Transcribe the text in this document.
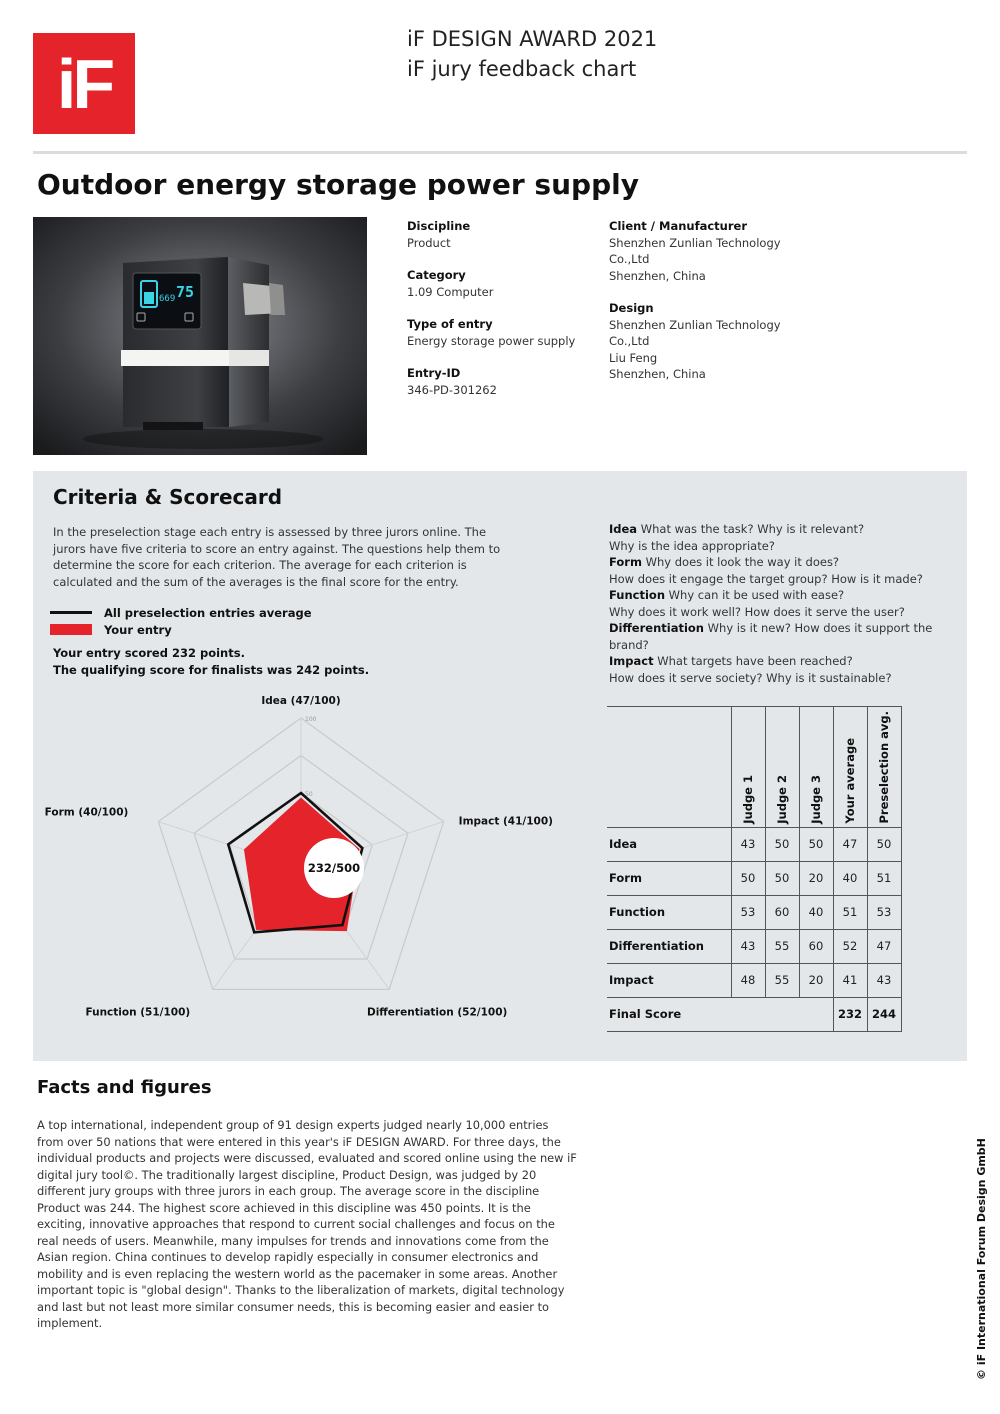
iF
iF DESIGN AWARD 2021
iF jury feedback chart
Outdoor energy storage power supply
669 75
Discipline
Product
Category
1.09 Computer
Type of entry
Energy storage power supply
Entry-ID
346-PD-301262
Client / Manufacturer
Shenzhen Zunlian Technology
Co.,Ltd
Shenzhen, China
Design
Shenzhen Zunlian Technology Co.,Ltd
Liu Feng
Shenzhen, China
Criteria & Scorecard
In the preselection stage each entry is assessed by three jurors online. The jurors have five criteria to score an entry against. The questions help them to determine the score for each criterion. The average for each criterion is calculated and the sum of the averages is the final score for the entry.
All preselection entries average
Your entry
Your entry scored 232 points.
The qualifying score for finalists was 242 points.
Idea What was the task? Why is it relevant?
Why is the idea appropriate?
Form Why does it look the way it does?
How does it engage the target group? How is it made?
Function Why can it be used with ease?
Why does it work well? How does it serve the user?
Differentiation Why is it new? How does it support the brand?
Impact What targets have been reached?
How does it serve society? Why is it sustainable?
100
50
232/500
Idea (47/100)
Impact (41/100)
Differentiation (52/100)
Function (51/100)
Form (40/100)
		Judge 1	Judge 2	Judge 3	Your average	Preselection avg.
Idea	43	50	50	47	50
Form	50	50	20	40	51
Function	53	60	40	51	53
Differentiation	43	55	60	52	47
Impact	48	55	20	41	43
Final Score				232	244
Facts and figures
A top international, independent group of 91 design experts judged nearly 10,000 entries from over 50 nations that were entered in this year's iF DESIGN AWARD. For three days, the individual products and projects were discussed, evaluated and scored online using the new iF digital jury tool©. The traditionally largest discipline, Product Design, was judged by 20 different jury groups with three jurors in each group. The average score in the discipline Product was 244. The highest score achieved in this discipline was 450 points. It is the exciting, innovative approaches that respond to current social challenges and focus on the real needs of users. Meanwhile, many impulses for trends and innovations come from the Asian region. China continues to develop rapidly especially in consumer electronics and mobility and is even replacing the western world as the pacemaker in some areas. Another important topic is "global design". Thanks to the liberalization of markets, digital technology and last but not least more similar consumer needs, this is becoming easier and easier to implement.	© iF International Forum Design GmbH
